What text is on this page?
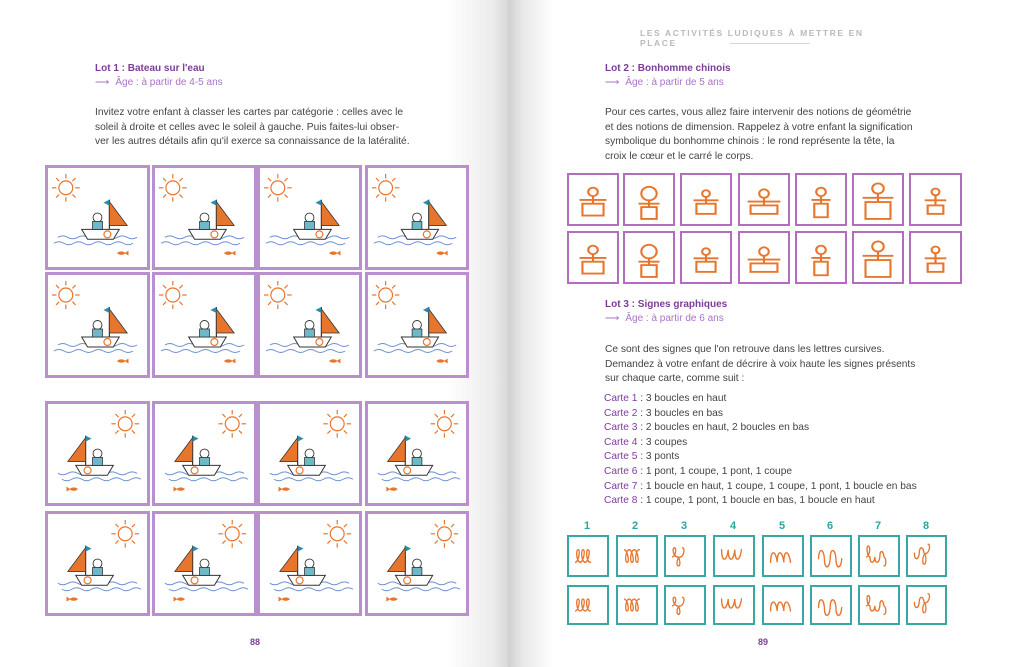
LES ACTIVITÉS LUDIQUES À METTRE EN PLACE
Lot 1 : Bateau sur l'eau
⟶ Âge : à partir de 4-5 ans
Invitez votre enfant à classer les cartes par catégorie : celles avec le
soleil à droite et celles avec le soleil à gauche. Puis faites-lui obser-
ver les autres détails afin qu'il exerce sa connaissance de la latéralité.
Lot 2 : Bonhomme chinois
⟶ Âge : à partir de 5 ans
Pour ces cartes, vous allez faire intervenir des notions de géométrie
et des notions de dimension. Rappelez à votre enfant la signification
symbolique du bonhomme chinois : le rond représente la tête, la
croix le cœur et le carré le corps.
Lot 3 : Signes graphiques
⟶ Âge : à partir de 6 ans
Ce sont des signes que l'on retrouve dans les lettres cursives.
Demandez à votre enfant de décrire à voix haute les signes présents
sur chaque carte, comme suit :
Carte 1 : 3 boucles en haut
Carte 2 : 3 boucles en bas
Carte 3 : 2 boucles en haut, 2 boucles en bas
Carte 4 : 3 coupes
Carte 5 : 3 ponts
Carte 6 : 1 pont, 1 coupe, 1 pont, 1 coupe
Carte 7 : 1 boucle en haut, 1 coupe, 1 coupe, 1 pont, 1 boucle en bas
Carte 8 : 1 coupe, 1 pont, 1 boucle en bas, 1 boucle en haut
1	2	3	4	5	6	7	8
88	89
